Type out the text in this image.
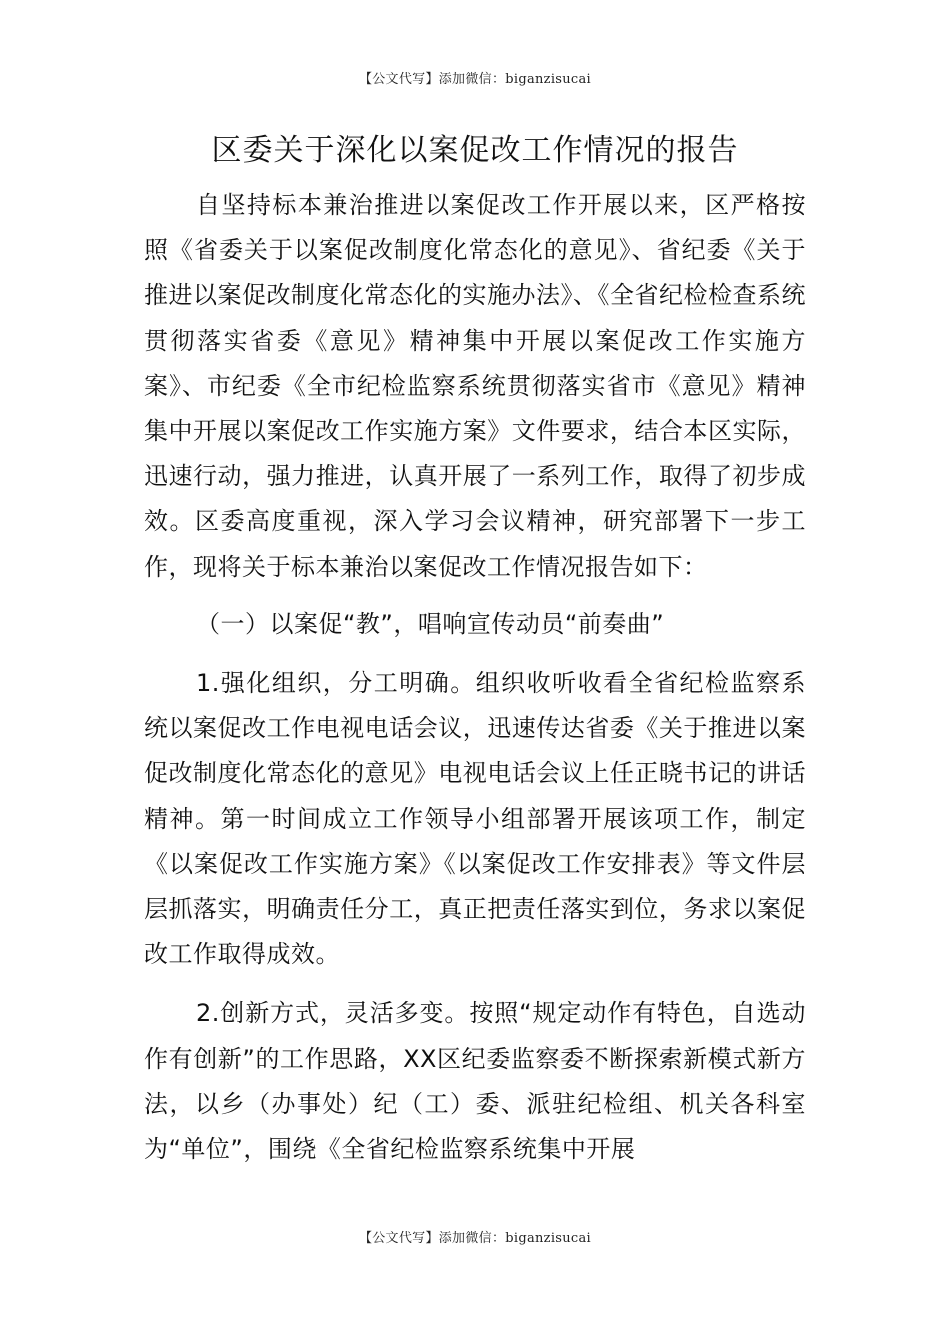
【公文代写】添加微信：biganzisucai
区委关于深化以案促改工作情况的报告

自坚持标本兼治推进以案促改工作开展以来，区严格按照《省委关于以案促改制度化常态化的意见》、省纪委《关于推进以案促改制度化常态化的实施办法》、《全省纪检检查系统贯彻落实省委《意见》精神集中开展以案促改工作实施方案》、市纪委《全市纪检监察系统贯彻落实省市《意见》精神集中开展以案促改工作实施方案》文件要求，结合本区实际，迅速行动，强力推进，认真开展了一系列工作，取得了初步成效。区委高度重视，深入学习会议精神，研究部署下一步工作，现将关于标本兼治以案促改工作情况报告如下：

（一）以案促“教”，唱响宣传动员“前奏曲”

1.强化组织，分工明确。组织收听收看全省纪检监察系统以案促改工作电视电话会议，迅速传达省委《关于推进以案促改制度化常态化的意见》电视电话会议上任正晓书记的讲话精神。第一时间成立工作领导小组部署开展该项工作，制定《以案促改工作实施方案》《以案促改工作安排表》等文件层层抓落实，明确责任分工，真正把责任落实到位，务求以案促改工作取得成效。

2.创新方式，灵活多变。按照“规定动作有特色，自选动作有创新”的工作思路，XX区纪委监察委不断探索新模式新方法，以乡（办事处）纪（工）委、派驻纪检组、机关各科室为“单位”，围绕《全省纪检监察系统集中开展

【公文代写】添加微信：biganzisucai
